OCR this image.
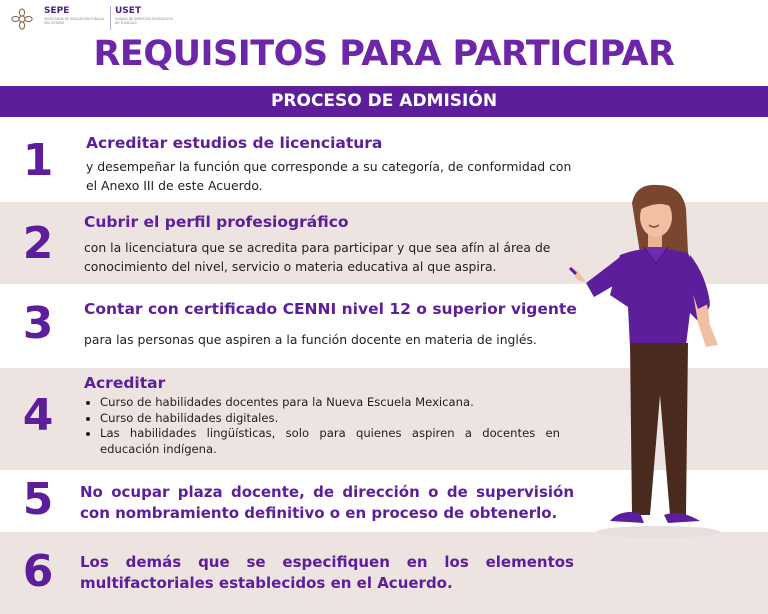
SEPE
SECRETARÍA DE EDUCACIÓN PÚBLICA DEL ESTADO
USET
UNIDAD DE SERVICIOS EDUCATIVOS DE TLAXCALA
REQUISITOS PARA PARTICIPAR
PROCESO DE ADMISIÓN
1	Acreditar estudios de licenciatura
y desempeñar la función que corresponde a su categoría, de conformidad con el Anexo III de este Acuerdo.
2	Cubrir el perfil profesiográfico
con la licenciatura que se acredita para participar y que sea afín al área de conocimiento del nivel, servicio o materia educativa al que aspira.
3	Contar con certificado CENNI nivel 12 o superior vigente
para las personas que aspiren a la función docente en materia de inglés.
4
Acreditar
• Curso de habilidades docentes para la Nueva Escuela Mexicana.
• Curso de habilidades digitales.
• Las habilidades lingüísticas, solo para quienes aspiren a docentes en educación indígena.
5	No ocupar plaza docente, de dirección o de supervisión con nombramiento definitivo o en proceso de obtenerlo.
6	Los demás que se especifiquen en los elementos multifactoriales establecidos en el Acuerdo.
